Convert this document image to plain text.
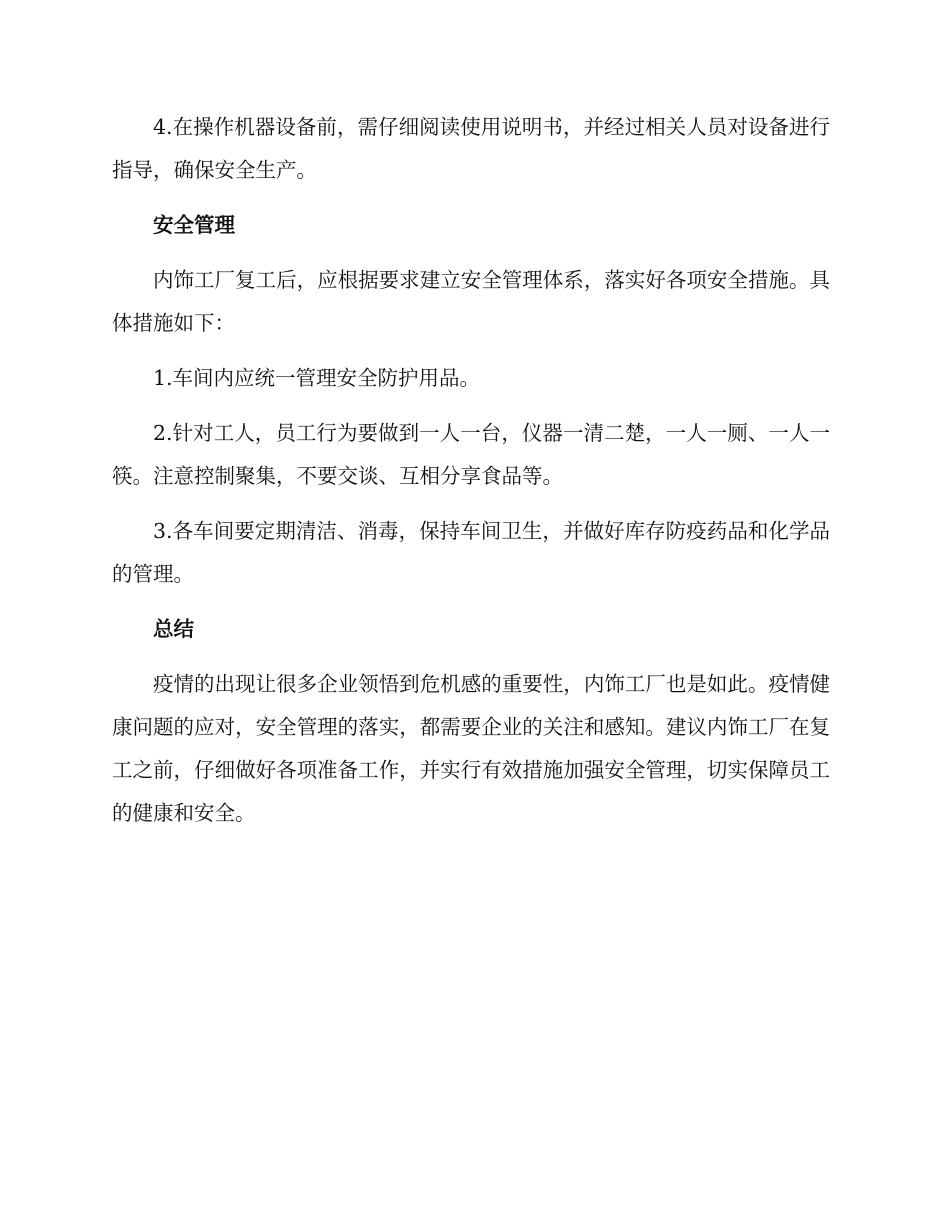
4.在操作机器设备前，需仔细阅读使用说明书，并经过相关人员对设备进行指导，确保安全生产。

安全管理

内饰工厂复工后，应根据要求建立安全管理体系，落实好各项安全措施。具体措施如下：

1.车间内应统一管理安全防护用品。

2.针对工人，员工行为要做到一人一台，仪器一清二楚，一人一厕、一人一筷。注意控制聚集，不要交谈、互相分享食品等。

3.各车间要定期清洁、消毒，保持车间卫生，并做好库存防疫药品和化学品的管理。

总结

疫情的出现让很多企业领悟到危机感的重要性，内饰工厂也是如此。疫情健康问题的应对，安全管理的落实，都需要企业的关注和感知。建议内饰工厂在复工之前，仔细做好各项准备工作，并实行有效措施加强安全管理，切实保障员工的健康和安全。
